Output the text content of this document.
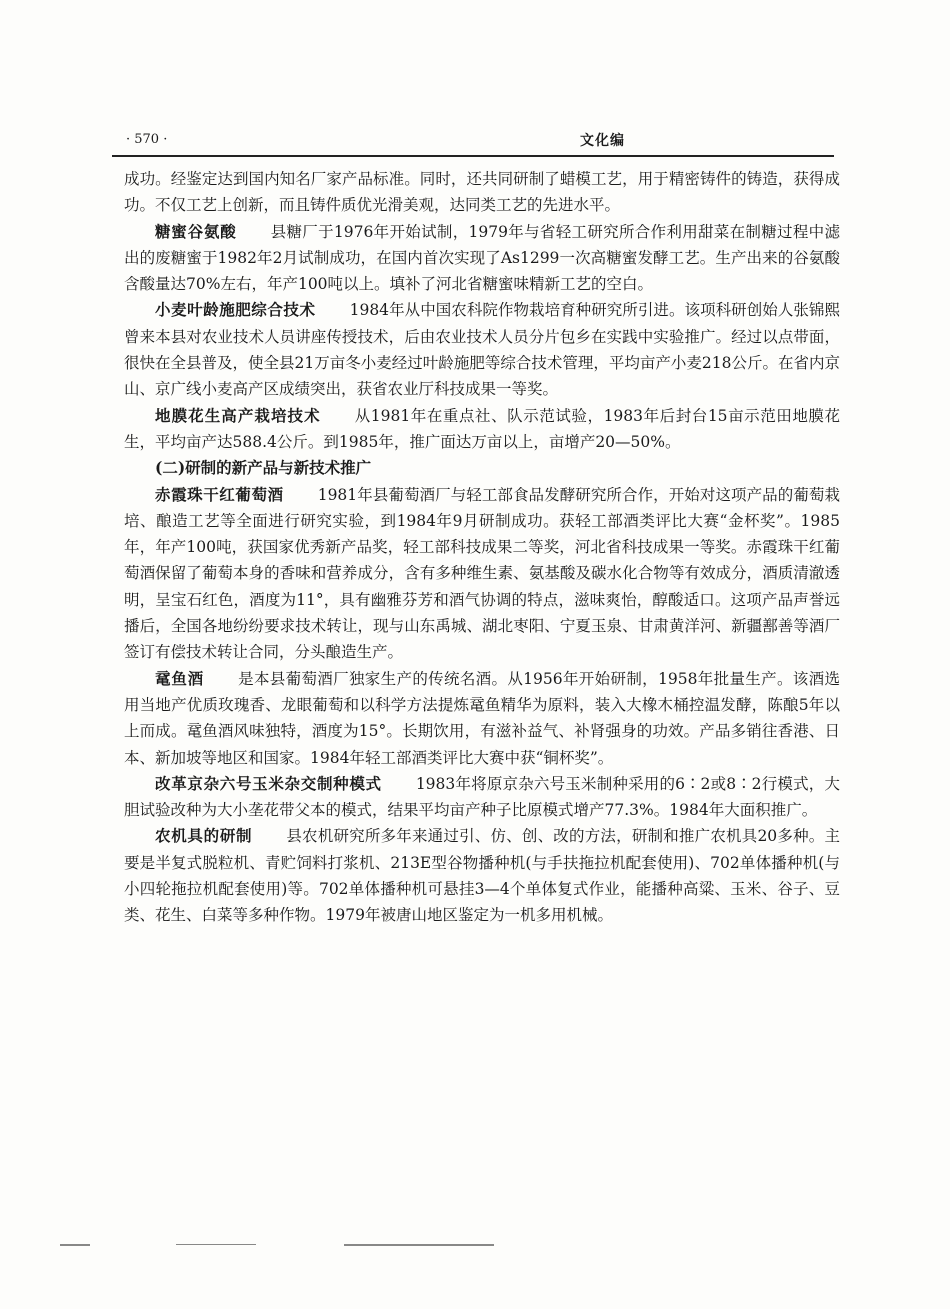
· 570 ·	文化编

成功。经鉴定达到国内知名厂家产品标准。同时，还共同研制了蜡模工艺，用于精密铸件的铸造，获得成功。不仅工艺上创新，而且铸件质优光滑美观，达同类工艺的先进水平。

糖蜜谷氨酸 县糖厂于1976年开始试制，1979年与省轻工研究所合作利用甜菜在制糖过程中滤出的废糖蜜于1982年2月试制成功，在国内首次实现了As1299一次高糖蜜发酵工艺。生产出来的谷氨酸含酸量达70%左右，年产100吨以上。填补了河北省糖蜜味精新工艺的空白。

小麦叶龄施肥综合技术 1984年从中国农科院作物栽培育种研究所引进。该项科研创始人张锦熙曾来本县对农业技术人员讲座传授技术，后由农业技术人员分片包乡在实践中实验推广。经过以点带面，很快在全县普及，使全县21万亩冬小麦经过叶龄施肥等综合技术管理，平均亩产小麦218公斤。在省内京山、京广线小麦高产区成绩突出，获省农业厅科技成果一等奖。

地膜花生高产栽培技术 从1981年在重点社、队示范试验，1983年后封台15亩示范田地膜花生，平均亩产达588.4公斤。到1985年，推广面达万亩以上，亩增产20—50%。

(二)研制的新产品与新技术推广

赤霞珠干红葡萄酒 1981年县葡萄酒厂与轻工部食品发酵研究所合作，开始对这项产品的葡萄栽培、酿造工艺等全面进行研究实验，到1984年9月研制成功。获轻工部酒类评比大赛“金杯奖”。1985年，年产100吨，获国家优秀新产品奖，轻工部科技成果二等奖，河北省科技成果一等奖。赤霞珠干红葡萄酒保留了葡萄本身的香味和营养成分，含有多种维生素、氨基酸及碳水化合物等有效成分，酒质清澈透明，呈宝石红色，酒度为11°，具有幽雅芬芳和酒气协调的特点，滋味爽怡，醇酸适口。这项产品声誉远播后，全国各地纷纷要求技术转让，现与山东禹城、湖北枣阳、宁夏玉泉、甘肃黄洋河、新疆鄯善等酒厂签订有偿技术转让合同，分头酿造生产。

鼋鱼酒 是本县葡萄酒厂独家生产的传统名酒。从1956年开始研制，1958年批量生产。该酒选用当地产优质玫瑰香、龙眼葡萄和以科学方法提炼鼋鱼精华为原料，装入大橡木桶控温发酵，陈酿5年以上而成。鼋鱼酒风味独特，酒度为15°。长期饮用，有滋补益气、补肾强身的功效。产品多销往香港、日本、新加坡等地区和国家。1984年轻工部酒类评比大赛中获“铜杯奖”。

改革京杂六号玉米杂交制种模式 1983年将原京杂六号玉米制种采用的6∶2或8∶2行模式，大胆试验改种为大小垄花带父本的模式，结果平均亩产种子比原模式增产77.3%。1984年大面积推广。

农机具的研制 县农机研究所多年来通过引、仿、创、改的方法，研制和推广农机具20多种。主要是半复式脱粒机、青贮饲料打浆机、213E型谷物播种机(与手扶拖拉机配套使用)、702单体播种机(与小四轮拖拉机配套使用)等。702单体播种机可悬挂3—4个单体复式作业，能播种高粱、玉米、谷子、豆类、花生、白菜等多种作物。1979年被唐山地区鉴定为一机多用机械。
